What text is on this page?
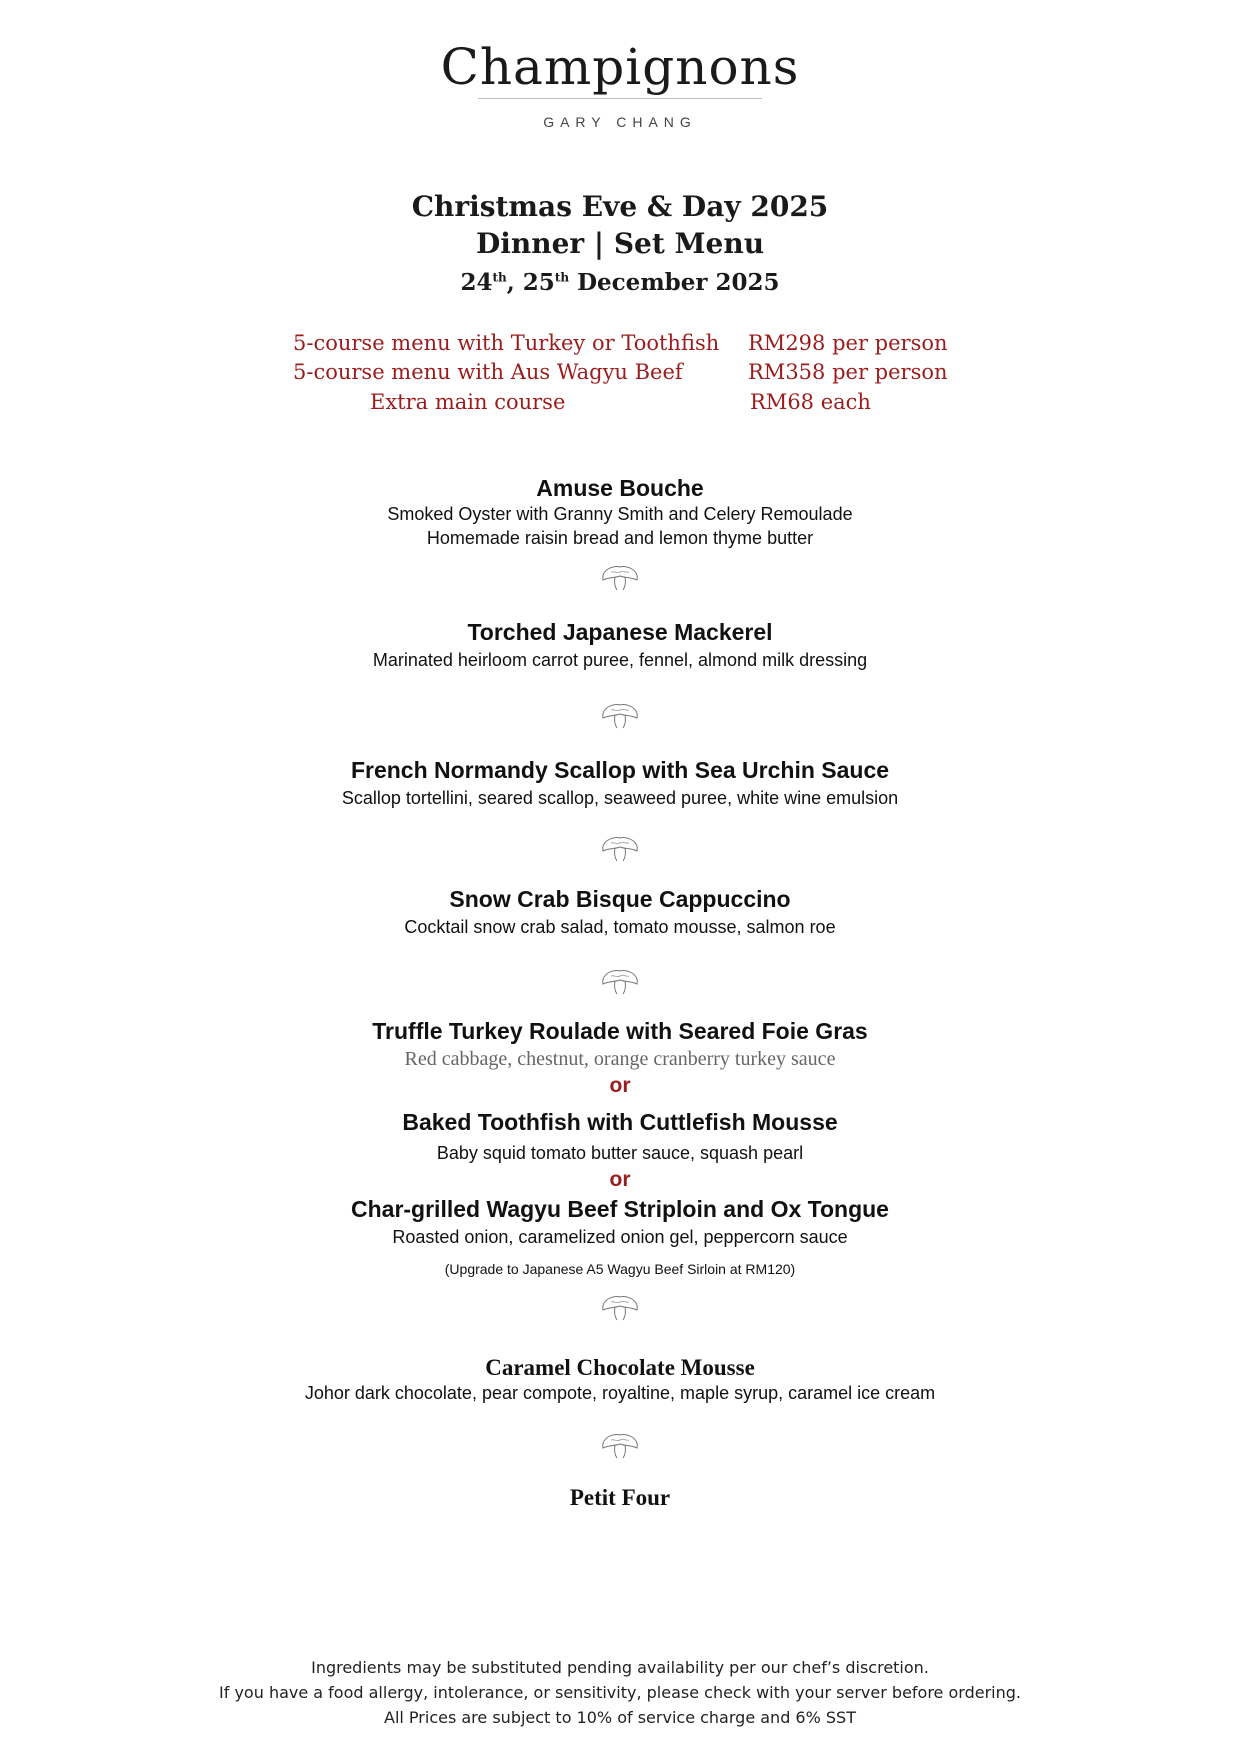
Champignons
GARY CHANG
Christmas Eve & Day 2025
Dinner | Set Menu
24th, 25th December 2025
5-course menu with Turkey or Toothfish RM298 per person
5-course menu with Aus Wagyu Beef	RM358 per person
Extra main course	RM68 each
Amuse Bouche
Smoked Oyster with Granny Smith and Celery Remoulade
Homemade raisin bread and lemon thyme butter
Torched Japanese Mackerel
Marinated heirloom carrot puree, fennel, almond milk dressing
French Normandy Scallop with Sea Urchin Sauce
Scallop tortellini, seared scallop, seaweed puree, white wine emulsion
Snow Crab Bisque Cappuccino
Cocktail snow crab salad, tomato mousse, salmon roe
Truffle Turkey Roulade with Seared Foie Gras
Red cabbage, chestnut, orange cranberry turkey sauce
or
Baked Toothfish with Cuttlefish Mousse
Baby squid tomato butter sauce, squash pearl
or
Char-grilled Wagyu Beef Striploin and Ox Tongue
Roasted onion, caramelized onion gel, peppercorn sauce
(Upgrade to Japanese A5 Wagyu Beef Sirloin at RM120)
Caramel Chocolate Mousse
Johor dark chocolate, pear compote, royaltine, maple syrup, caramel ice cream
Petit Four
Ingredients may be substituted pending availability per our chef’s discretion.
If you have a food allergy, intolerance, or sensitivity, please check with your server before ordering.
All Prices are subject to 10% of service charge and 6% SST
